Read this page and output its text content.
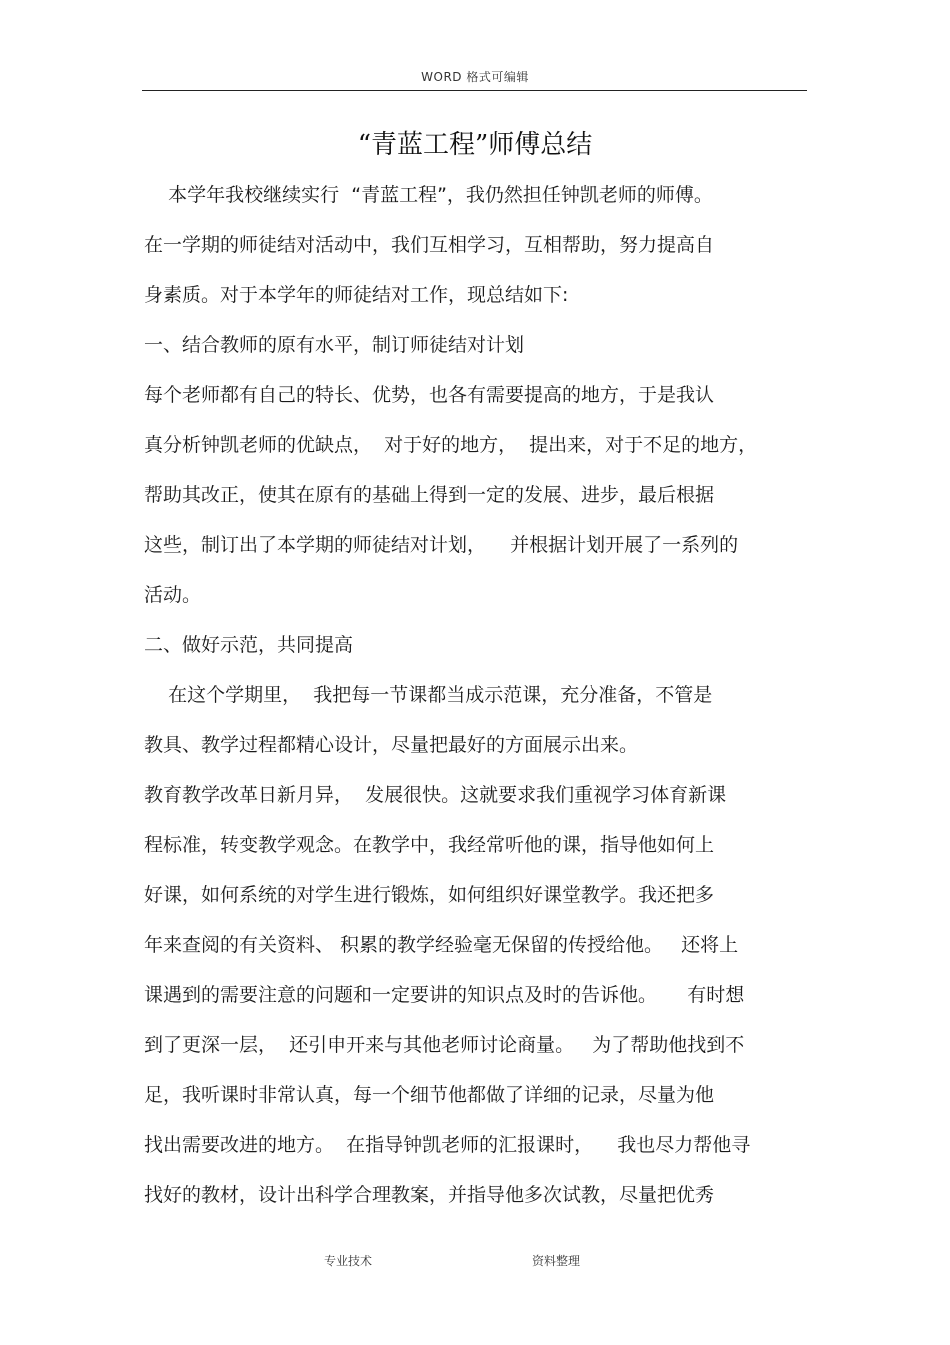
WORD 格式可编辑
“青蓝工程”师傅总结
本学年我校继续实行  “青蓝工程”，我仍然担任钟凯老师的师傅。
在一学期的师徒结对活动中，我们互相学习，互相帮助，努力提高自
身素质。对于本学年的师徒结对工作，现总结如下:
一、结合教师的原有水平，制订师徒结对计划
每个老师都有自己的特长、优势，也各有需要提高的地方，于是我认
真分析钟凯老师的优缺点，  对于好的地方，  提出来，对于不足的地方，
帮助其改正，使其在原有的基础上得到一定的发展、进步，最后根据
这些，制订出了本学期的师徒结对计划，    并根据计划开展了一系列的
活动。
二、做好示范，共同提高
在这个学期里，  我把每一节课都当成示范课，充分准备，不管是
教具、教学过程都精心设计，尽量把最好的方面展示出来。
教育教学改革日新月异，  发展很快。这就要求我们重视学习体育新课
程标准，转变教学观念。在教学中，我经常听他的课，指导他如何上
好课，如何系统的对学生进行锻炼，如何组织好课堂教学。我还把多
年来查阅的有关资料、 积累的教学经验毫无保留的传授给他。   还将上
课遇到的需要注意的问题和一定要讲的知识点及时的告诉他。     有时想
到了更深一层，  还引申开来与其他老师讨论商量。   为了帮助他找到不
足，我听课时非常认真，每一个细节他都做了详细的记录，尽量为他
找出需要改进的地方。  在指导钟凯老师的汇报课时，    我也尽力帮他寻
找好的教材，设计出科学合理教案，并指导他多次试教，尽量把优秀
专业技术	资料整理
